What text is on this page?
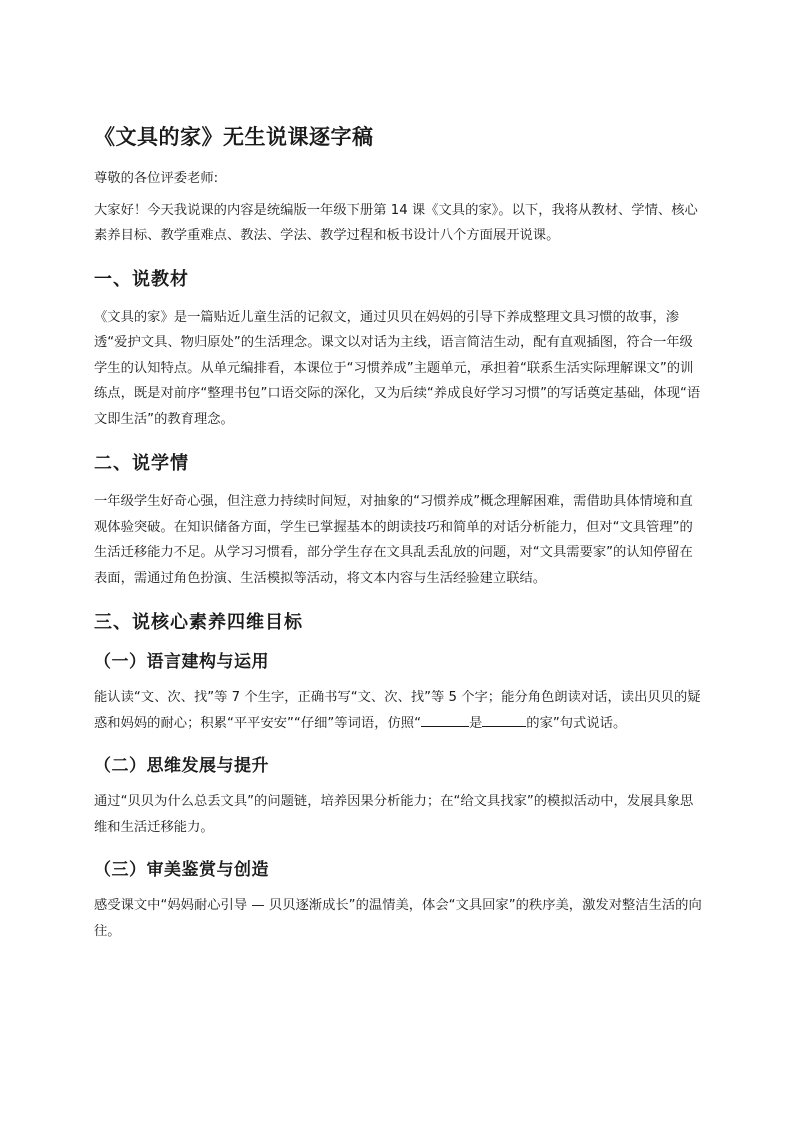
《文具的家》无生说课逐字稿

尊敬的各位评委老师:

大家好！今天我说课的内容是统编版一年级下册第 14 课《文具的家》。以下，我将从教材、学情、核心素养目标、教学重难点、教法、学法、教学过程和板书设计八个方面展开说课。

一、说教材

《文具的家》是一篇贴近儿童生活的记叙文，通过贝贝在妈妈的引导下养成整理文具习惯的故事，渗透“爱护文具、物归原处”的生活理念。课文以对话为主线，语言简洁生动，配有直观插图，符合一年级学生的认知特点。从单元编排看，本课位于“习惯养成”主题单元，承担着“联系生活实际理解课文”的训练点，既是对前序“整理书包”口语交际的深化，又为后续“养成良好学习习惯”的写话奠定基础，体现“语文即生活”的教育理念。

二、说学情

一年级学生好奇心强，但注意力持续时间短，对抽象的“习惯养成”概念理解困难，需借助具体情境和直观体验突破。在知识储备方面，学生已掌握基本的朗读技巧和简单的对话分析能力，但对“文具管理”的生活迁移能力不足。从学习习惯看，部分学生存在文具乱丢乱放的问题，对“文具需要家”的认知停留在表面，需通过角色扮演、生活模拟等活动，将文本内容与生活经验建立联结。

三、说核心素养四维目标
（一）语言建构与运用

能认读“文、次、找”等 7 个生字，正确书写“文、次、找”等 5 个字；能分角色朗读对话，读出贝贝的疑惑和妈妈的耐心；积累“平平安安”“仔细”等词语，仿照“	是	的家”句式说话。

（二）思维发展与提升

通过“贝贝为什么总丢文具”的问题链，培养因果分析能力；在“给文具找家”的模拟活动中，发展具象思维和生活迁移能力。

（三）审美鉴赏与创造

感受课文中“妈妈耐心引导 — 贝贝逐渐成长”的温情美，体会“文具回家”的秩序美，激发对整洁生活的向往。
